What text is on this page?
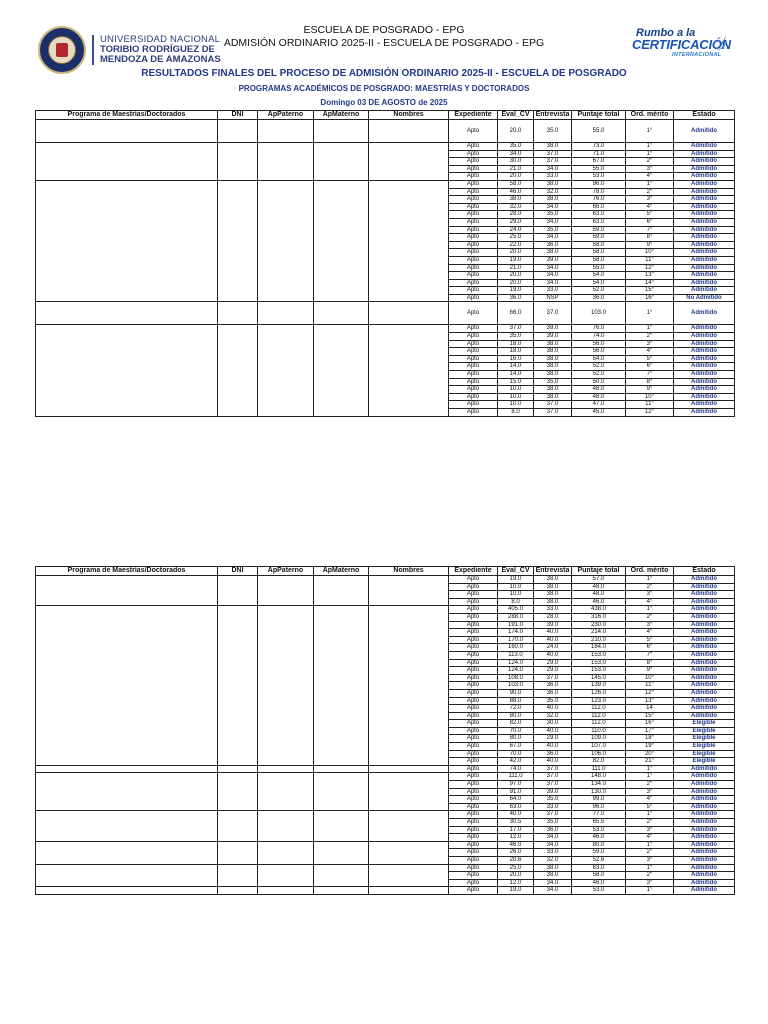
UNIVERSIDAD NACIONAL
TORIBIO RODRÍGUEZ DE
MENDOZA DE AMAZONAS
ESCUELA DE POSGRADO - EPG
ADMISIÓN ORDINARIO 2025-II - ESCUELA DE POSGRADO - EPG
Rumbo a la
CERTIFICACIÓN
INTERNACIONAL
RESULTADOS FINALES DEL PROCESO DE ADMISIÓN ORDINARIO 2025-II - ESCUELA DE POSGRADO
PROGRAMAS ACADÉMICOS DE POSGRADO: MAESTRÍAS Y DOCTORADOS
Domingo 03 DE AGOSTO de 2025
Programa de Maestrías/Doctorados	DNI	ApPaterno	ApMaterno	Nombres	Expediente	Eval_CV	Entrevista	Puntaje total	Ord. mérito	Estado
					Apto	20.0	35.0	55.0	1°	Admitido
					Apto	35.0	38.0	73.0	1°	Admitido
					Apto	34.0	37.0	71.0	1°	Admitido
					Apto	30.0	37.0	67.0	2°	Admitido
					Apto	21.0	34.0	55.0	3°	Admitido
					Apto	20.0	33.0	53.0	4°	Admitido
					Apto	58.0	38.0	96.0	1°	Admitido
					Apto	46.0	32.0	78.0	2°	Admitido
					Apto	38.0	38.0	76.0	3°	Admitido
					Apto	32.0	34.0	66.0	4°	Admitido
					Apto	28.0	35.0	63.0	5°	Admitido
					Apto	29.0	34.0	63.0	6°	Admitido
					Apto	24.0	35.0	59.0	7°	Admitido
					Apto	25.0	34.0	59.0	8°	Admitido
					Apto	22.0	36.0	58.0	9°	Admitido
					Apto	20.0	38.0	58.0	10°	Admitido
					Apto	19.0	39.0	58.0	11°	Admitido
					Apto	21.0	34.0	55.0	12°	Admitido
					Apto	20.0	34.0	54.0	13°	Admitido
					Apto	20.0	34.0	54.0	14°	Admitido
					Apto	19.0	33.0	52.0	15°	Admitido
					Apto	36.0	NSP	36.0	16°	No Admitido
					Apto	66.0	37.0	103.0	1°	Admitido
					Apto	37.0	39.0	76.0	1°	Admitido
					Apto	35.0	39.0	74.0	2°	Admitido
					Apto	18.0	38.0	56.0	3°	Admitido
					Apto	18.0	38.0	56.0	4°	Admitido
					Apto	16.0	38.0	54.0	5°	Admitido
					Apto	14.0	38.0	52.0	6°	Admitido
					Apto	14.0	38.0	52.0	7°	Admitido
					Apto	15.0	35.0	50.0	8°	Admitido
					Apto	10.0	38.0	48.0	9°	Admitido
					Apto	10.0	38.0	48.0	10°	Admitido
					Apto	10.0	37.0	47.0	11°	Admitido
					Apto	8.0	37.0	45.0	12°	Admitido
Programa de Maestrías/Doctorados	DNI	ApPaterno	ApMaterno	Nombres	Expediente	Eval_CV	Entrevista	Puntaje total	Ord. mérito	Estado
					Apto	19.0	38.0	57.0	1°	Admitido
					Apto	10.0	38.0	48.0	2°	Admitido
					Apto	10.0	38.0	48.0	3°	Admitido
					Apto	8.0	38.0	46.0	4°	Admitido
					Apto	405.0	33.0	438.0	1°	Admitido
					Apto	288.0	28.0	316.0	2°	Admitido
					Apto	191.0	39.0	230.0	3°	Admitido
					Apto	174.0	40.0	214.0	4°	Admitido
					Apto	170.0	40.0	210.0	5°	Admitido
					Apto	160.0	24.0	184.0	6°	Admitido
					Apto	113.0	40.0	153.0	7°	Admitido
					Apto	124.0	29.0	153.0	8°	Admitido
					Apto	124.0	29.0	153.0	9°	Admitido
					Apto	108.0	37.0	145.0	10°	Admitido
					Apto	103.0	36.0	139.0	11°	Admitido
					Apto	90.0	36.0	126.0	12°	Admitido
					Apto	88.0	35.0	123.0	13°	Admitido
					Apto	72.0	40.0	112.0	14	Admitido
					Apto	80.0	32.0	112.0	15°	Admitido
					Apto	82.0	30.0	112.0	16°	Elegible
					Apto	70.0	40.0	110.0	17°	Elegible
					Apto	80.0	29.0	109.0	18°	Elegible
					Apto	67.0	40.0	107.0	19°	Elegible
					Apto	70.0	36.0	106.0	20°	Elegible
					Apto	42.0	40.0	82.0	21°	Elegible
					Apto	74.0	37.0	111.0	1°	Admitido
					Apto	111.0	37.0	148.0	1°	Admitido
					Apto	97.0	37.0	134.0	2°	Admitido
					Apto	91.0	39.0	130.0	3°	Admitido
					Apto	64.0	35.0	99.0	4°	Admitido
					Apto	63.0	33.0	96.0	5°	Admitido
					Apto	40.0	37.0	77.0	1°	Admitido
					Apto	30.5	35.0	65.5	2°	Admitido
					Apto	17.0	36.0	53.0	3°	Admitido
					Apto	12.0	34.0	46.0	4°	Admitido
					Apto	46.0	34.0	80.0	1°	Admitido
					Apto	26.0	33.0	59.0	2°	Admitido
					Apto	20.6	32.0	52.6	3°	Admitido
					Apto	25.0	38.0	63.0	1°	Admitido
					Apto	20.0	38.0	58.0	2°	Admitido
					Apto	12.0	34.0	46.0	3°	Admitido
					Apto	19.0	34.0	53.0	1°	Admitido
